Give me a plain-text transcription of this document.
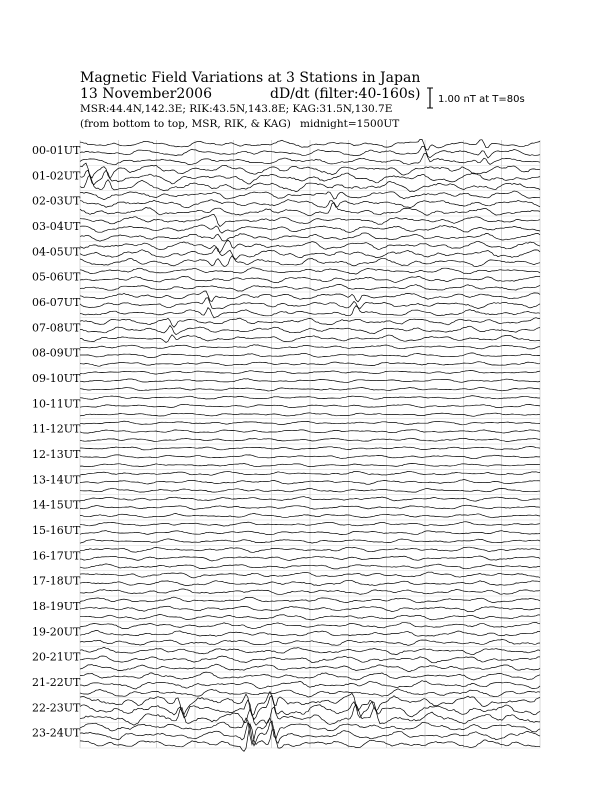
Magnetic Field Variations at 3 Stations in Japan
13 November2006	dD/dt (filter:40-160s)
MSR:44.4N,142.3E; RIK:43.5N,143.8E; KAG:31.5N,130.7E
(from bottom to top, MSR, RIK, & KAG) midnight=1500UT
1.00 nT at T=80s
00-01UT
01-02UT
02-03UT
03-04UT
04-05UT
05-06UT
06-07UT
07-08UT
08-09UT
09-10UT
10-11UT
11-12UT
12-13UT
13-14UT
14-15UT
15-16UT
16-17UT
17-18UT
18-19UT
19-20UT
20-21UT
21-22UT
22-23UT
23-24UT
